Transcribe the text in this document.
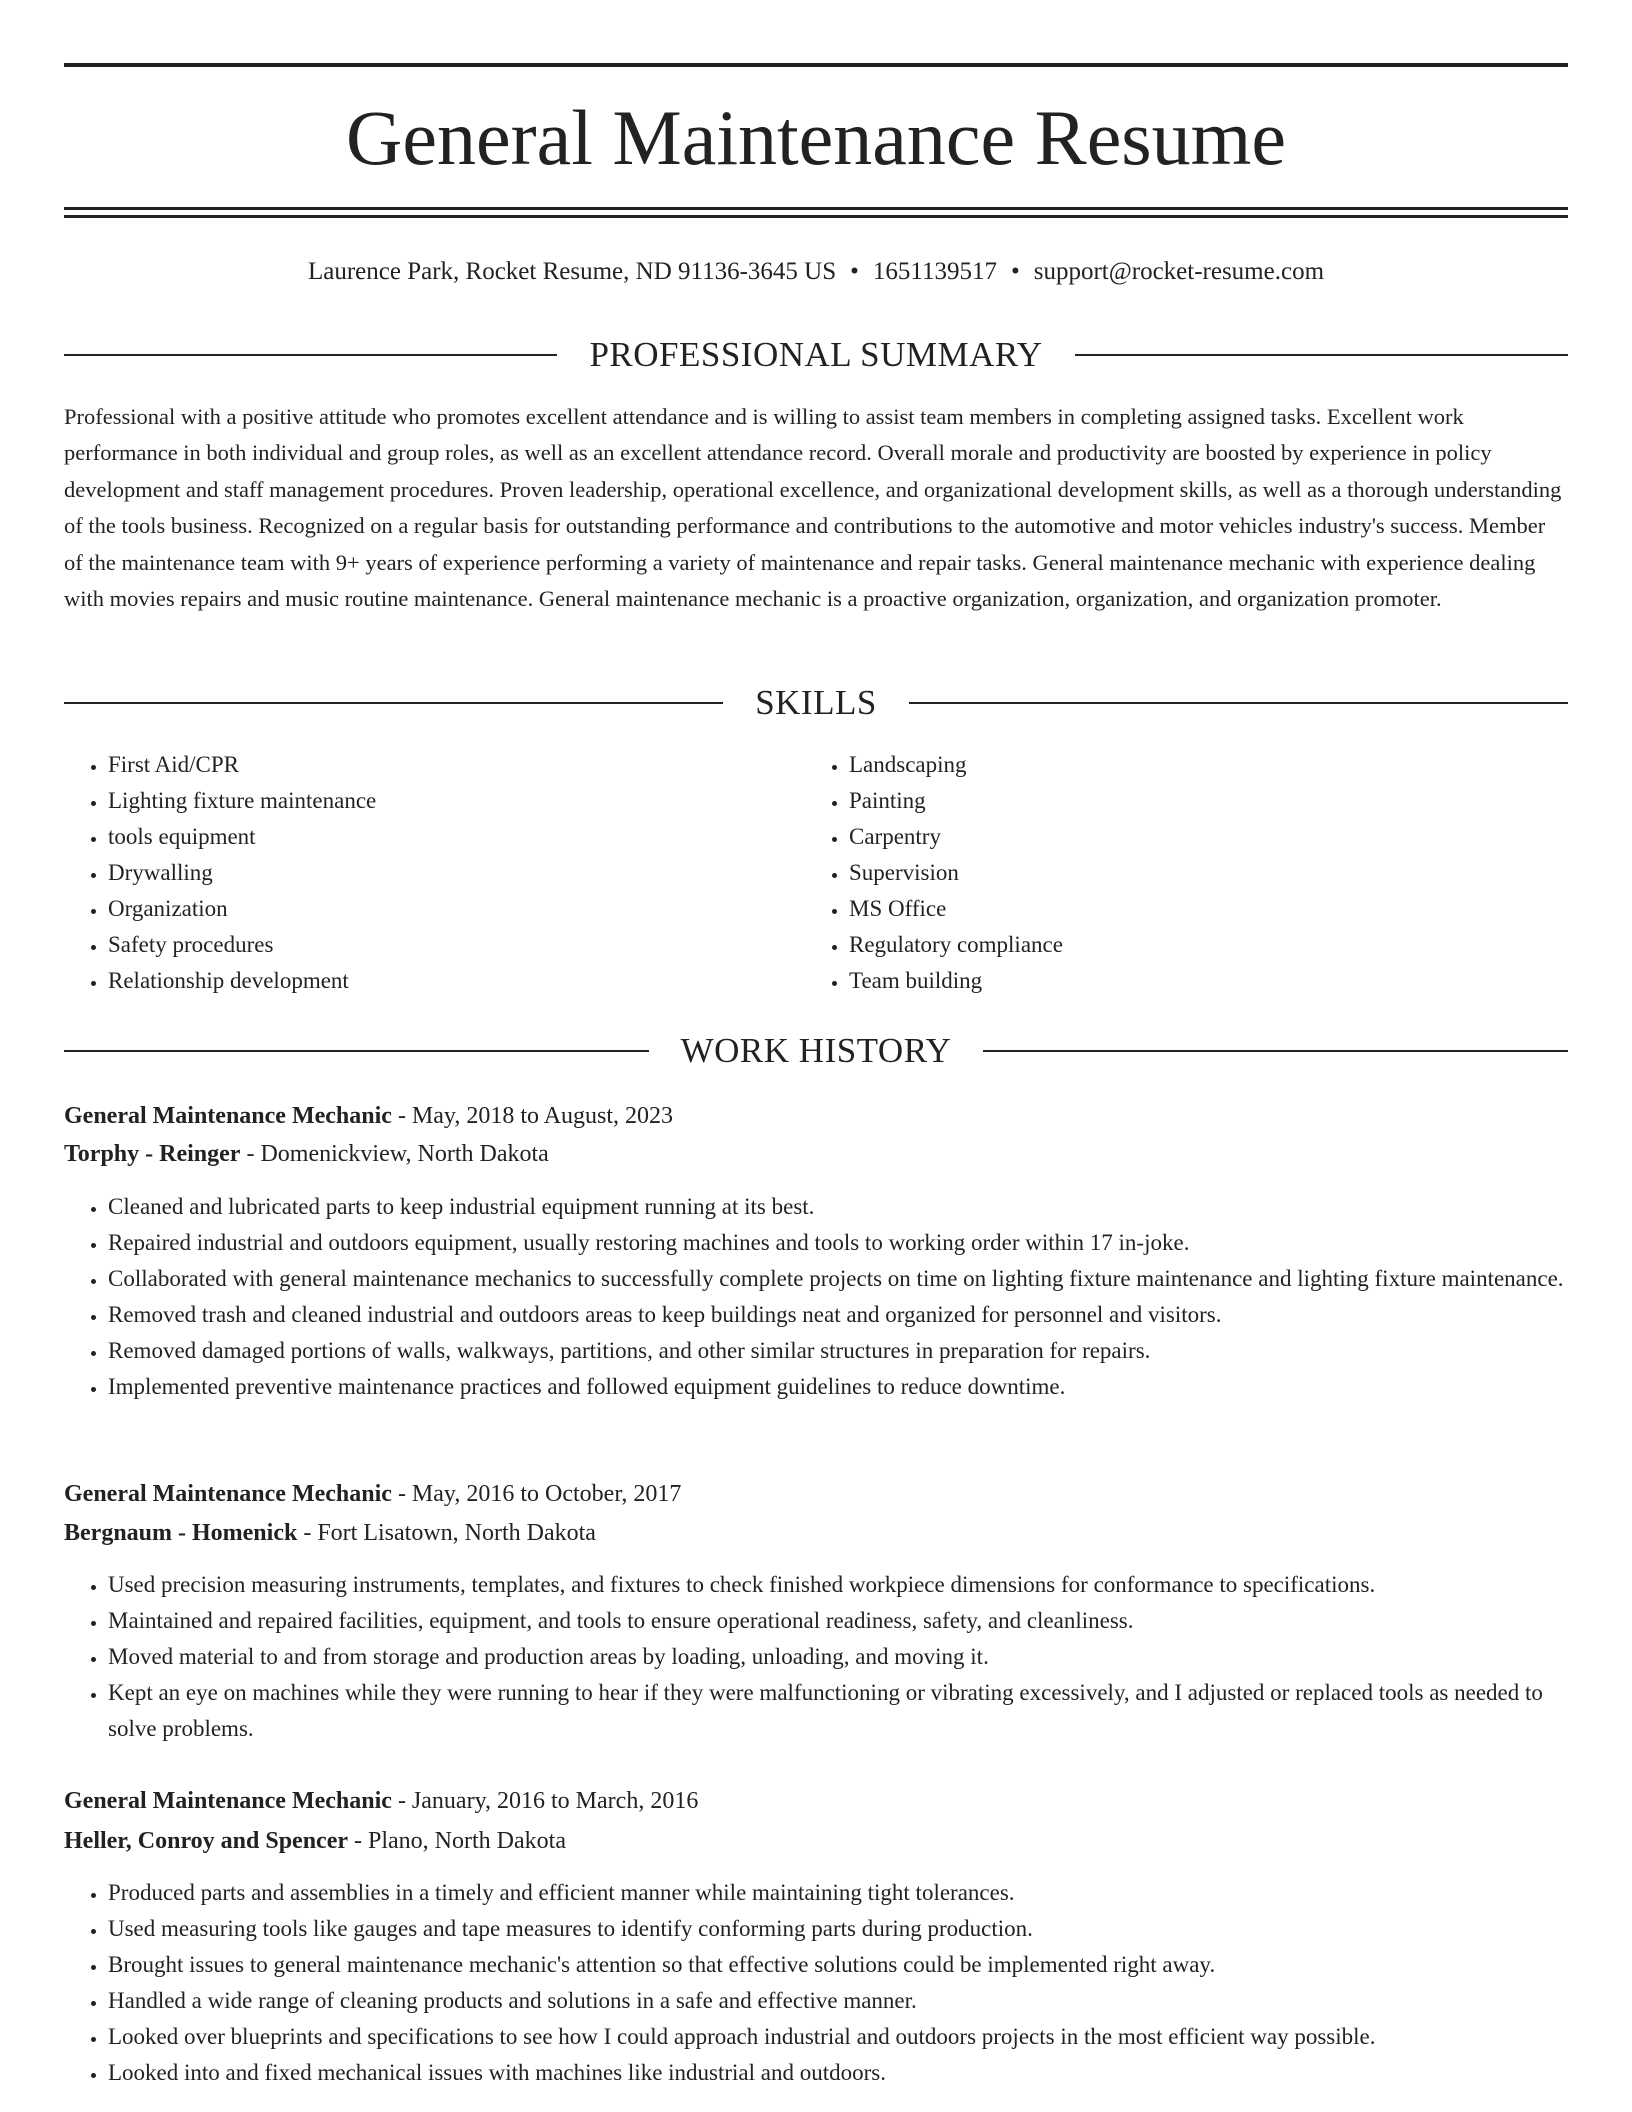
General Maintenance Resume
Laurence Park, Rocket Resume, ND 91136-3645 US • 1651139517 • support@rocket-resume.com
PROFESSIONAL SUMMARY

Professional with a positive attitude who promotes excellent attendance and is willing to assist team members in completing assigned tasks. Excellent work performance in both individual and group roles, as well as an excellent attendance record. Overall morale and productivity are boosted by experience in policy development and staff management procedures. Proven leadership, operational excellence, and organizational development skills, as well as a thorough understanding of the tools business. Recognized on a regular basis for outstanding performance and contributions to the automotive and motor vehicles industry's success. Member of the maintenance team with 9+ years of experience performing a variety of maintenance and repair tasks. General maintenance mechanic with experience dealing with movies repairs and music routine maintenance. General maintenance mechanic is a proactive organization, organization, and organization promoter.

SKILLS
• First Aid/CPR
• Lighting fixture maintenance
• tools equipment
• Drywalling
• Organization
• Safety procedures
• Relationship development
• Landscaping
• Painting
• Carpentry
• Supervision
• MS Office
• Regulatory compliance
• Team building
WORK HISTORY
General Maintenance Mechanic - May, 2018 to August, 2023
Torphy - Reinger - Domenickview, North Dakota
• Cleaned and lubricated parts to keep industrial equipment running at its best.
• Repaired industrial and outdoors equipment, usually restoring machines and tools to working order within 17 in-joke.
• Collaborated with general maintenance mechanics to successfully complete projects on time on lighting fixture maintenance and lighting fixture maintenance.
• Removed trash and cleaned industrial and outdoors areas to keep buildings neat and organized for personnel and visitors.
• Removed damaged portions of walls, walkways, partitions, and other similar structures in preparation for repairs.
• Implemented preventive maintenance practices and followed equipment guidelines to reduce downtime.
General Maintenance Mechanic - May, 2016 to October, 2017
Bergnaum - Homenick - Fort Lisatown, North Dakota
• Used precision measuring instruments, templates, and fixtures to check finished workpiece dimensions for conformance to specifications.
• Maintained and repaired facilities, equipment, and tools to ensure operational readiness, safety, and cleanliness.
• Moved material to and from storage and production areas by loading, unloading, and moving it.
• Kept an eye on machines while they were running to hear if they were malfunctioning or vibrating excessively, and I adjusted or replaced tools as needed to solve problems.
General Maintenance Mechanic - January, 2016 to March, 2016
Heller, Conroy and Spencer - Plano, North Dakota
• Produced parts and assemblies in a timely and efficient manner while maintaining tight tolerances.
• Used measuring tools like gauges and tape measures to identify conforming parts during production.
• Brought issues to general maintenance mechanic's attention so that effective solutions could be implemented right away.
• Handled a wide range of cleaning products and solutions in a safe and effective manner.
• Looked over blueprints and specifications to see how I could approach industrial and outdoors projects in the most efficient way possible.
• Looked into and fixed mechanical issues with machines like industrial and outdoors.
